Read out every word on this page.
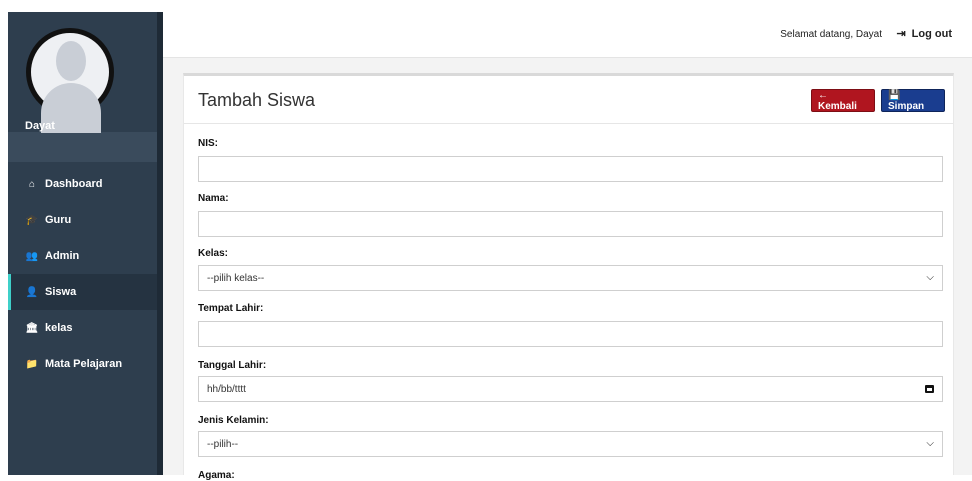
Dayat
⌂ Dashboard
🎓 Guru
👥 Admin
👤 Siswa
🏛 kelas
📁 Mata Pelajaran
Selamat datang, Dayat ⇥ Log out
Tambah Siswa	← Kembali
💾 Simpan
NIS:
Nama:
Kelas:
--pilih kelas--	⌵
Tempat Lahir:
Tanggal Lahir:
hh/bb/tttt
Jenis Kelamin:
--pilih--	⌵
Agama:
